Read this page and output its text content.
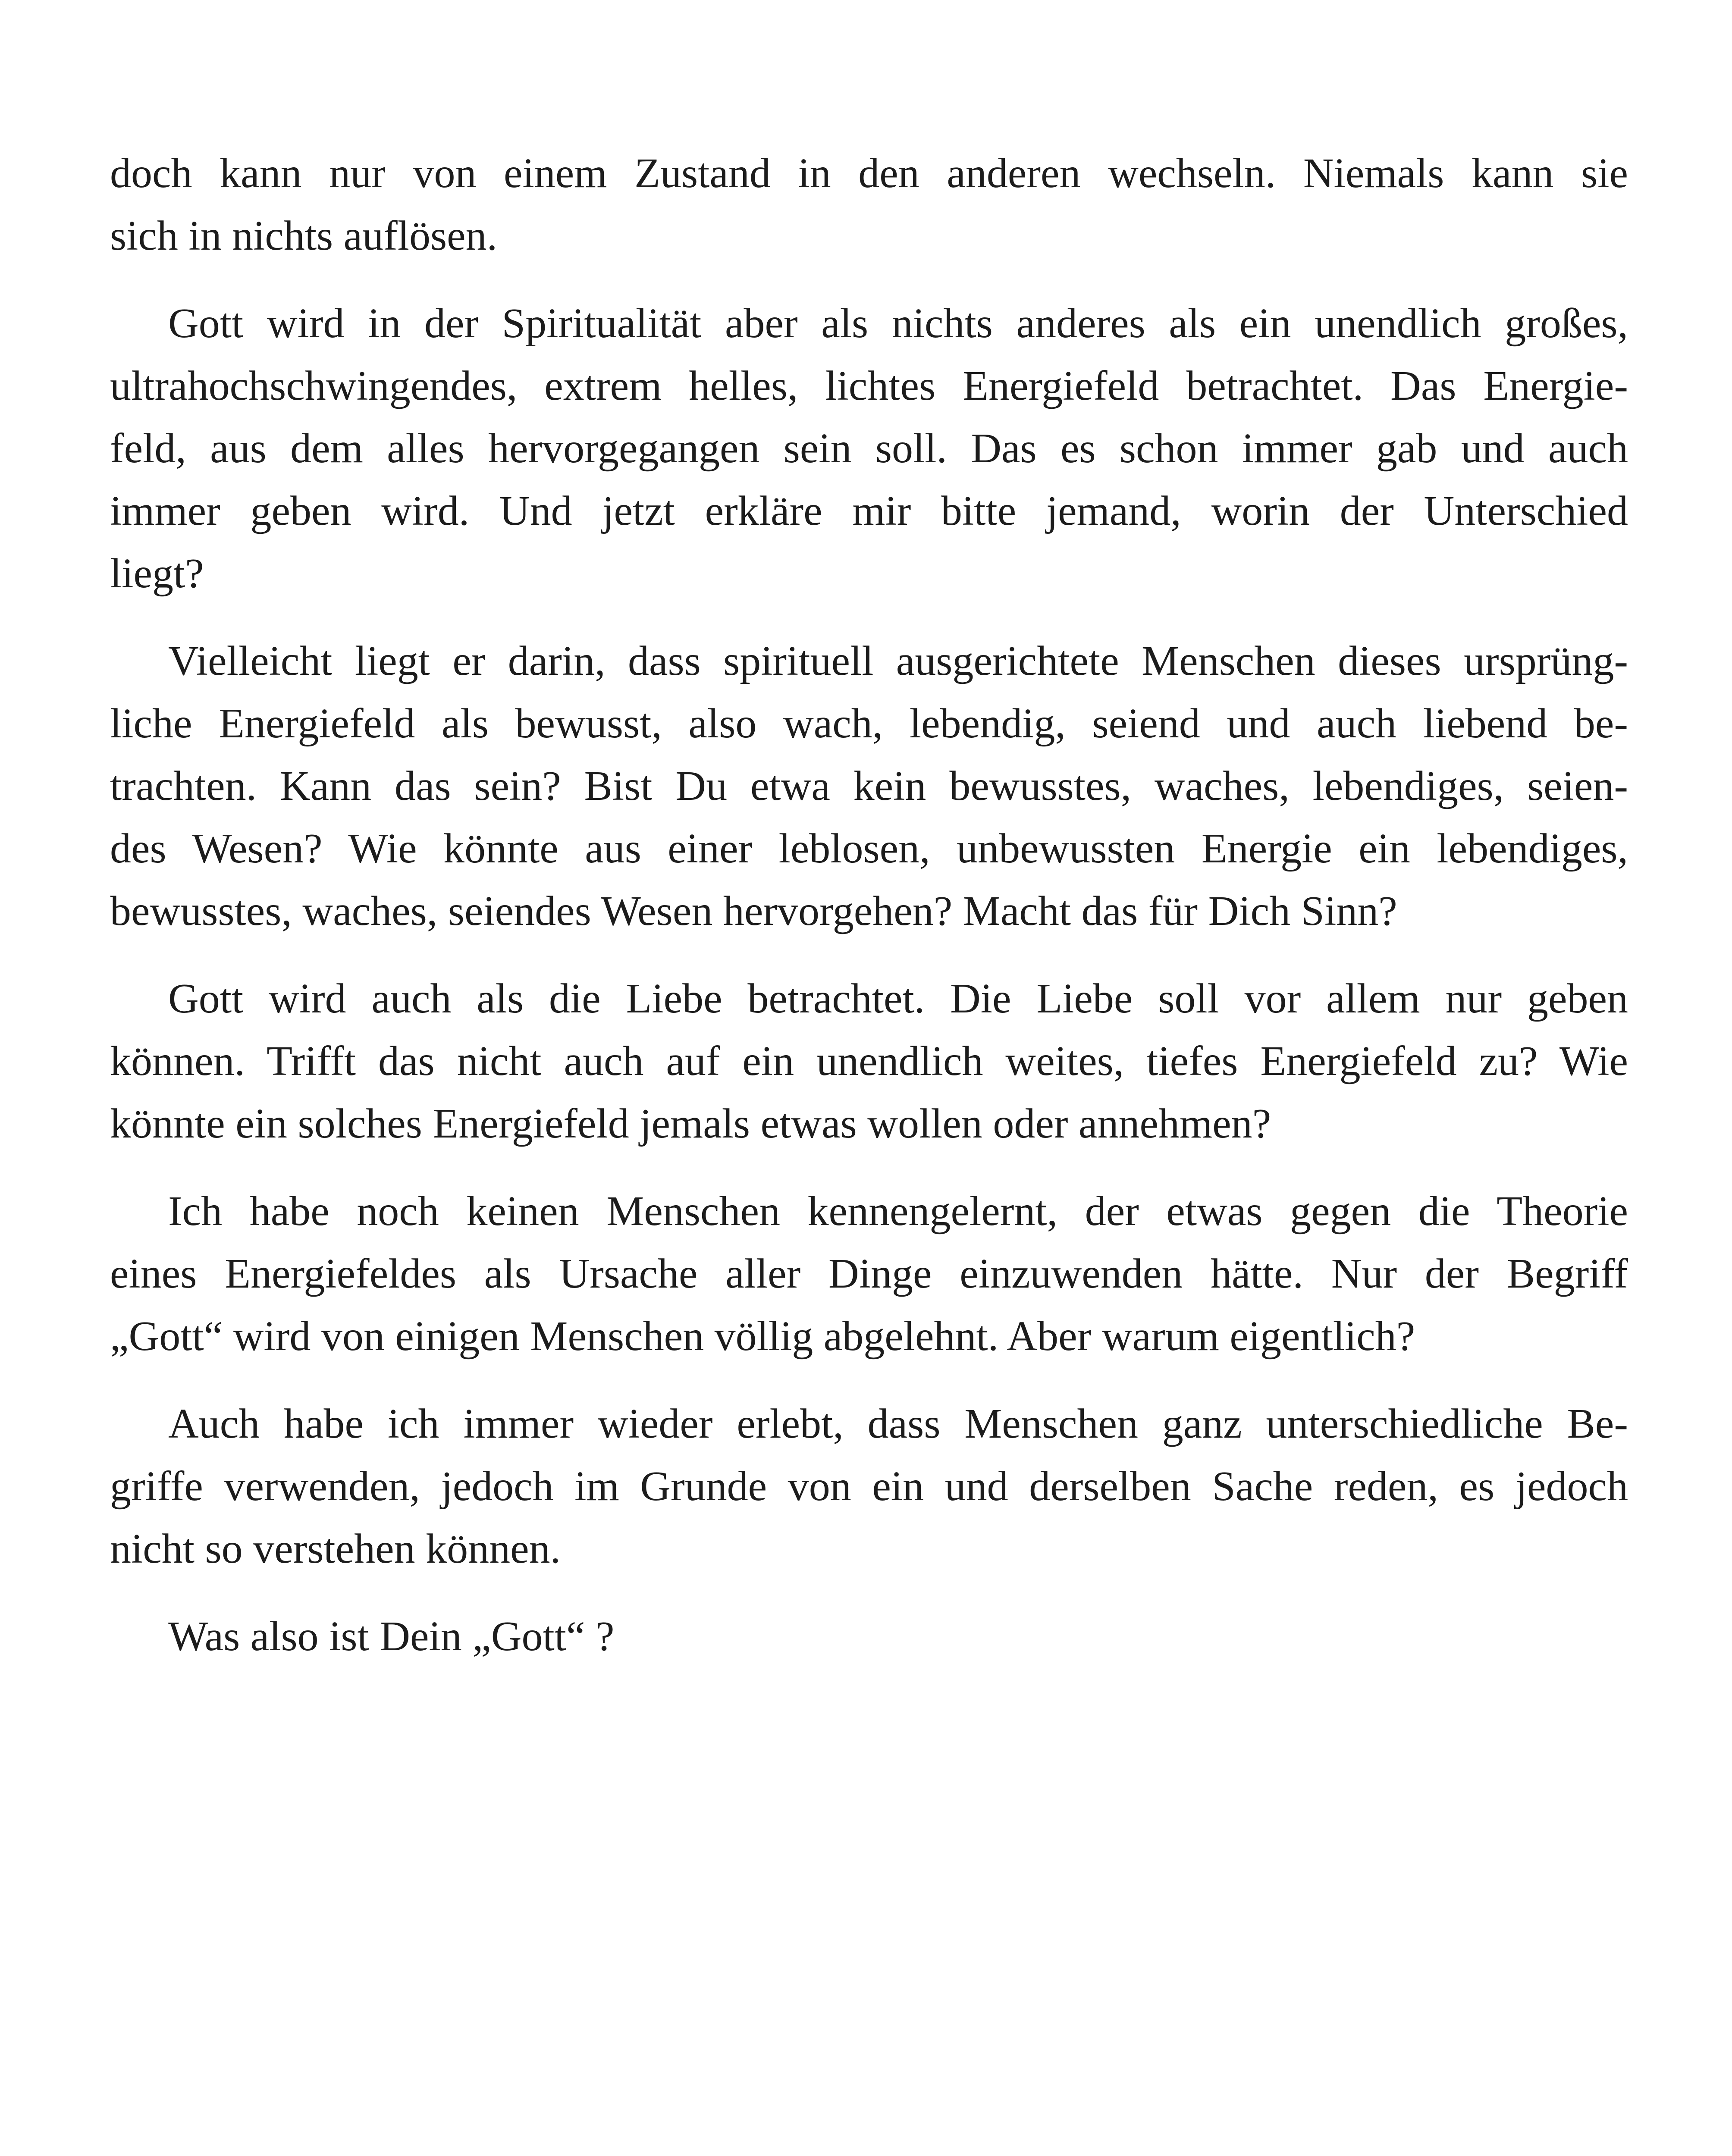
doch kann nur von einem Zustand in den anderen wechseln. Niemals kann sie

sich in nichts auflösen.

Gott wird in der Spiritualität aber als nichts anderes als ein unendlich großes,

ultrahochschwingendes, extrem helles, lichtes Energiefeld betrachtet. Das Energie-

feld, aus dem alles hervorgegangen sein soll. Das es schon immer gab und auch

immer geben wird. Und jetzt erkläre mir bitte jemand, worin der Unterschied

liegt?

Vielleicht liegt er darin, dass spirituell ausgerichtete Menschen dieses ursprüng-

liche Energiefeld als bewusst, also wach, lebendig, seiend und auch liebend be-

trachten. Kann das sein? Bist Du etwa kein bewusstes, waches, lebendiges, seien-

des Wesen? Wie könnte aus einer leblosen, unbewussten Energie ein lebendiges,

bewusstes, waches, seiendes Wesen hervorgehen? Macht das für Dich Sinn?

Gott wird auch als die Liebe betrachtet. Die Liebe soll vor allem nur geben

können. Trifft das nicht auch auf ein unendlich weites, tiefes Energiefeld zu? Wie

könnte ein solches Energiefeld jemals etwas wollen oder annehmen?

Ich habe noch keinen Menschen kennengelernt, der etwas gegen die Theorie

eines Energiefeldes als Ursache aller Dinge einzuwenden hätte. Nur der Begriff

„Gott“ wird von einigen Menschen völlig abgelehnt. Aber warum eigentlich?

Auch habe ich immer wieder erlebt, dass Menschen ganz unterschiedliche Be-

griffe verwenden, jedoch im Grunde von ein und derselben Sache reden, es jedoch

nicht so verstehen können.

Was also ist Dein „Gott“ ?
